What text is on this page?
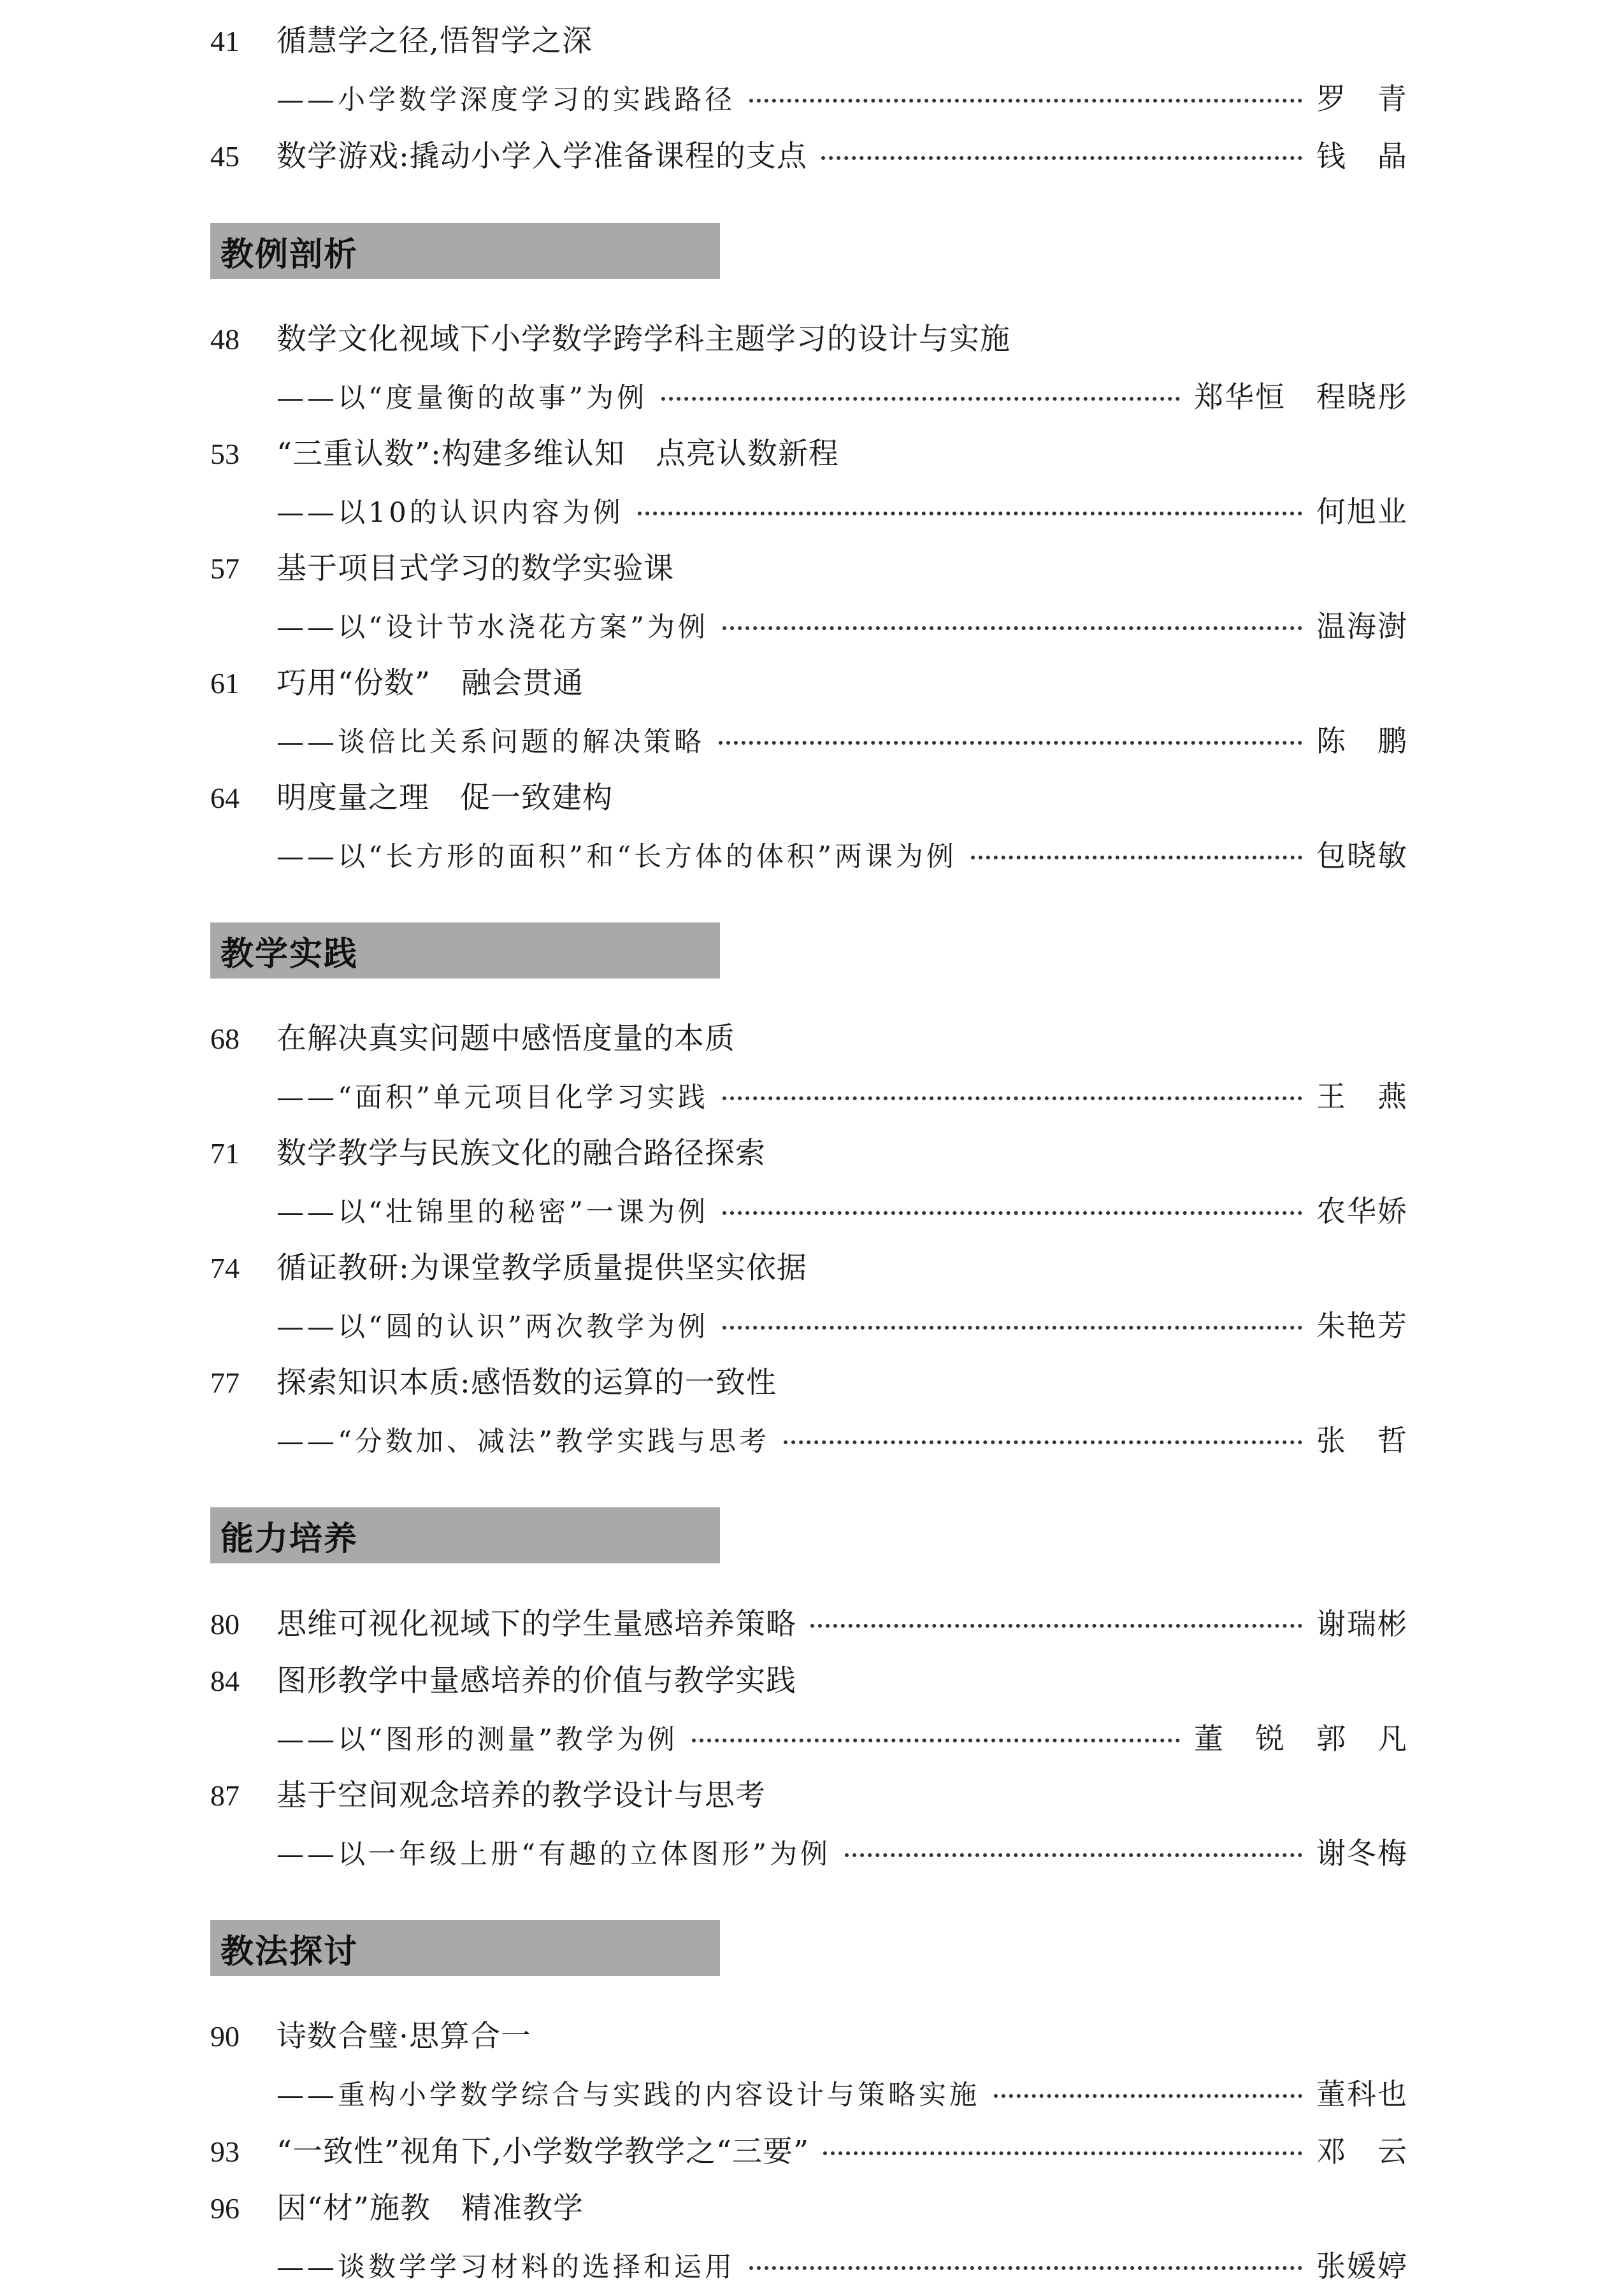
41	循慧学之径,悟智学之深
——小学数学深度学习的实践路径	罗　青
45	数学游戏:撬动小学入学准备课程的支点	钱　晶
教例剖析
48	数学文化视域下小学数学跨学科主题学习的设计与实施
——以“度量衡的故事”为例	郑华恒　程晓彤
53	“三重认数”:构建多维认知　点亮认数新程
——以10的认识内容为例	何旭业
57	基于项目式学习的数学实验课
——以“设计节水浇花方案”为例	温海澍
61	巧用“份数”　融会贯通
——谈倍比关系问题的解决策略	陈　鹏
64	明度量之理　促一致建构
——以“长方形的面积”和“长方体的体积”两课为例	包晓敏
教学实践
68	在解决真实问题中感悟度量的本质
——“面积”单元项目化学习实践	王　燕
71	数学教学与民族文化的融合路径探索
——以“壮锦里的秘密”一课为例	农华娇
74	循证教研:为课堂教学质量提供坚实依据
——以“圆的认识”两次教学为例	朱艳芳
77	探索知识本质:感悟数的运算的一致性
——“分数加、减法”教学实践与思考	张　哲
能力培养
80	思维可视化视域下的学生量感培养策略	谢瑞彬
84	图形教学中量感培养的价值与教学实践
——以“图形的测量”教学为例	董　锐　郭　凡
87	基于空间观念培养的教学设计与思考
——以一年级上册“有趣的立体图形”为例	谢冬梅
教法探讨
90	诗数合璧·思算合一
——重构小学数学综合与实践的内容设计与策略实施	董科也
93	“一致性”视角下,小学数学教学之“三要”	邓　云
96	因“材”施教　精准教学
——谈数学学习材料的选择和运用	张媛婷
